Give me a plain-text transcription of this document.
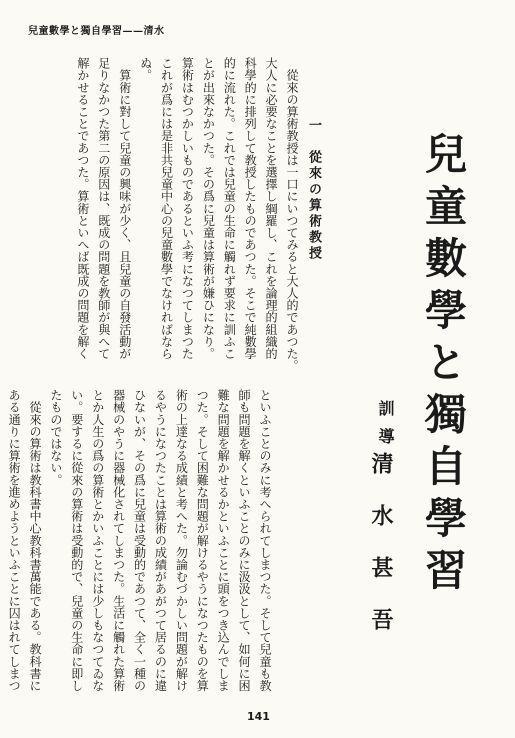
兒童數學と獨自學習——清水
兒童數學と獨自學習
訓導
清水甚吾
一　從來の算術教授

　從來の算術教授は一口にいつてみると大人的であつた。

大人に必要なことを選擇し綱羅し、これを論理的組織的

科學的に排列して教授したものであつた。そこで純數學

的に流れた。これでは兒童の生命に觸れず要求に訓ふこ

とが出來なかつた。その爲に兒童は算術が嫌ひになり。

算術はむつかしいものであるといふ考になつてしまつた

これが爲には是非共兒童中心の兒童數學でなければなら

ぬ。

　算術に對して兒童の興味が少く、且兒童の自發活動が

足りなかつた第二の原因は、既成の問題を教師が與へて

解かせることであつた。算術といへば既成の問題を解く

といふことのみに考へられてしまつた。そして兒童も教

師も問題を解くといふことのみに汲汲として、如何に困

難な問題を解かせるかといふことに頭をつき込んでしま

つた。そして困難な問題が解けるやうになつたものを算

術の上達なる成績と考へた。勿論むづかしい問題が解け

るやうになつたことは算術の成績があがつて居るのに違

ひないが、その爲に兒童は受動的であつて、全く一種の

器械のやうに器械化されてしまつた。生活に觸れた算術

とか人生の爲の算術とかいふことには少しもなつてゐな

い。要するに從來の算術は受動的で、兒童の生命に即し

たものではない。

　從來の算術は教科書中心教科書萬能である。教科書に

ある通りに算術を進めようといふことに囚はれてしまつ

141
